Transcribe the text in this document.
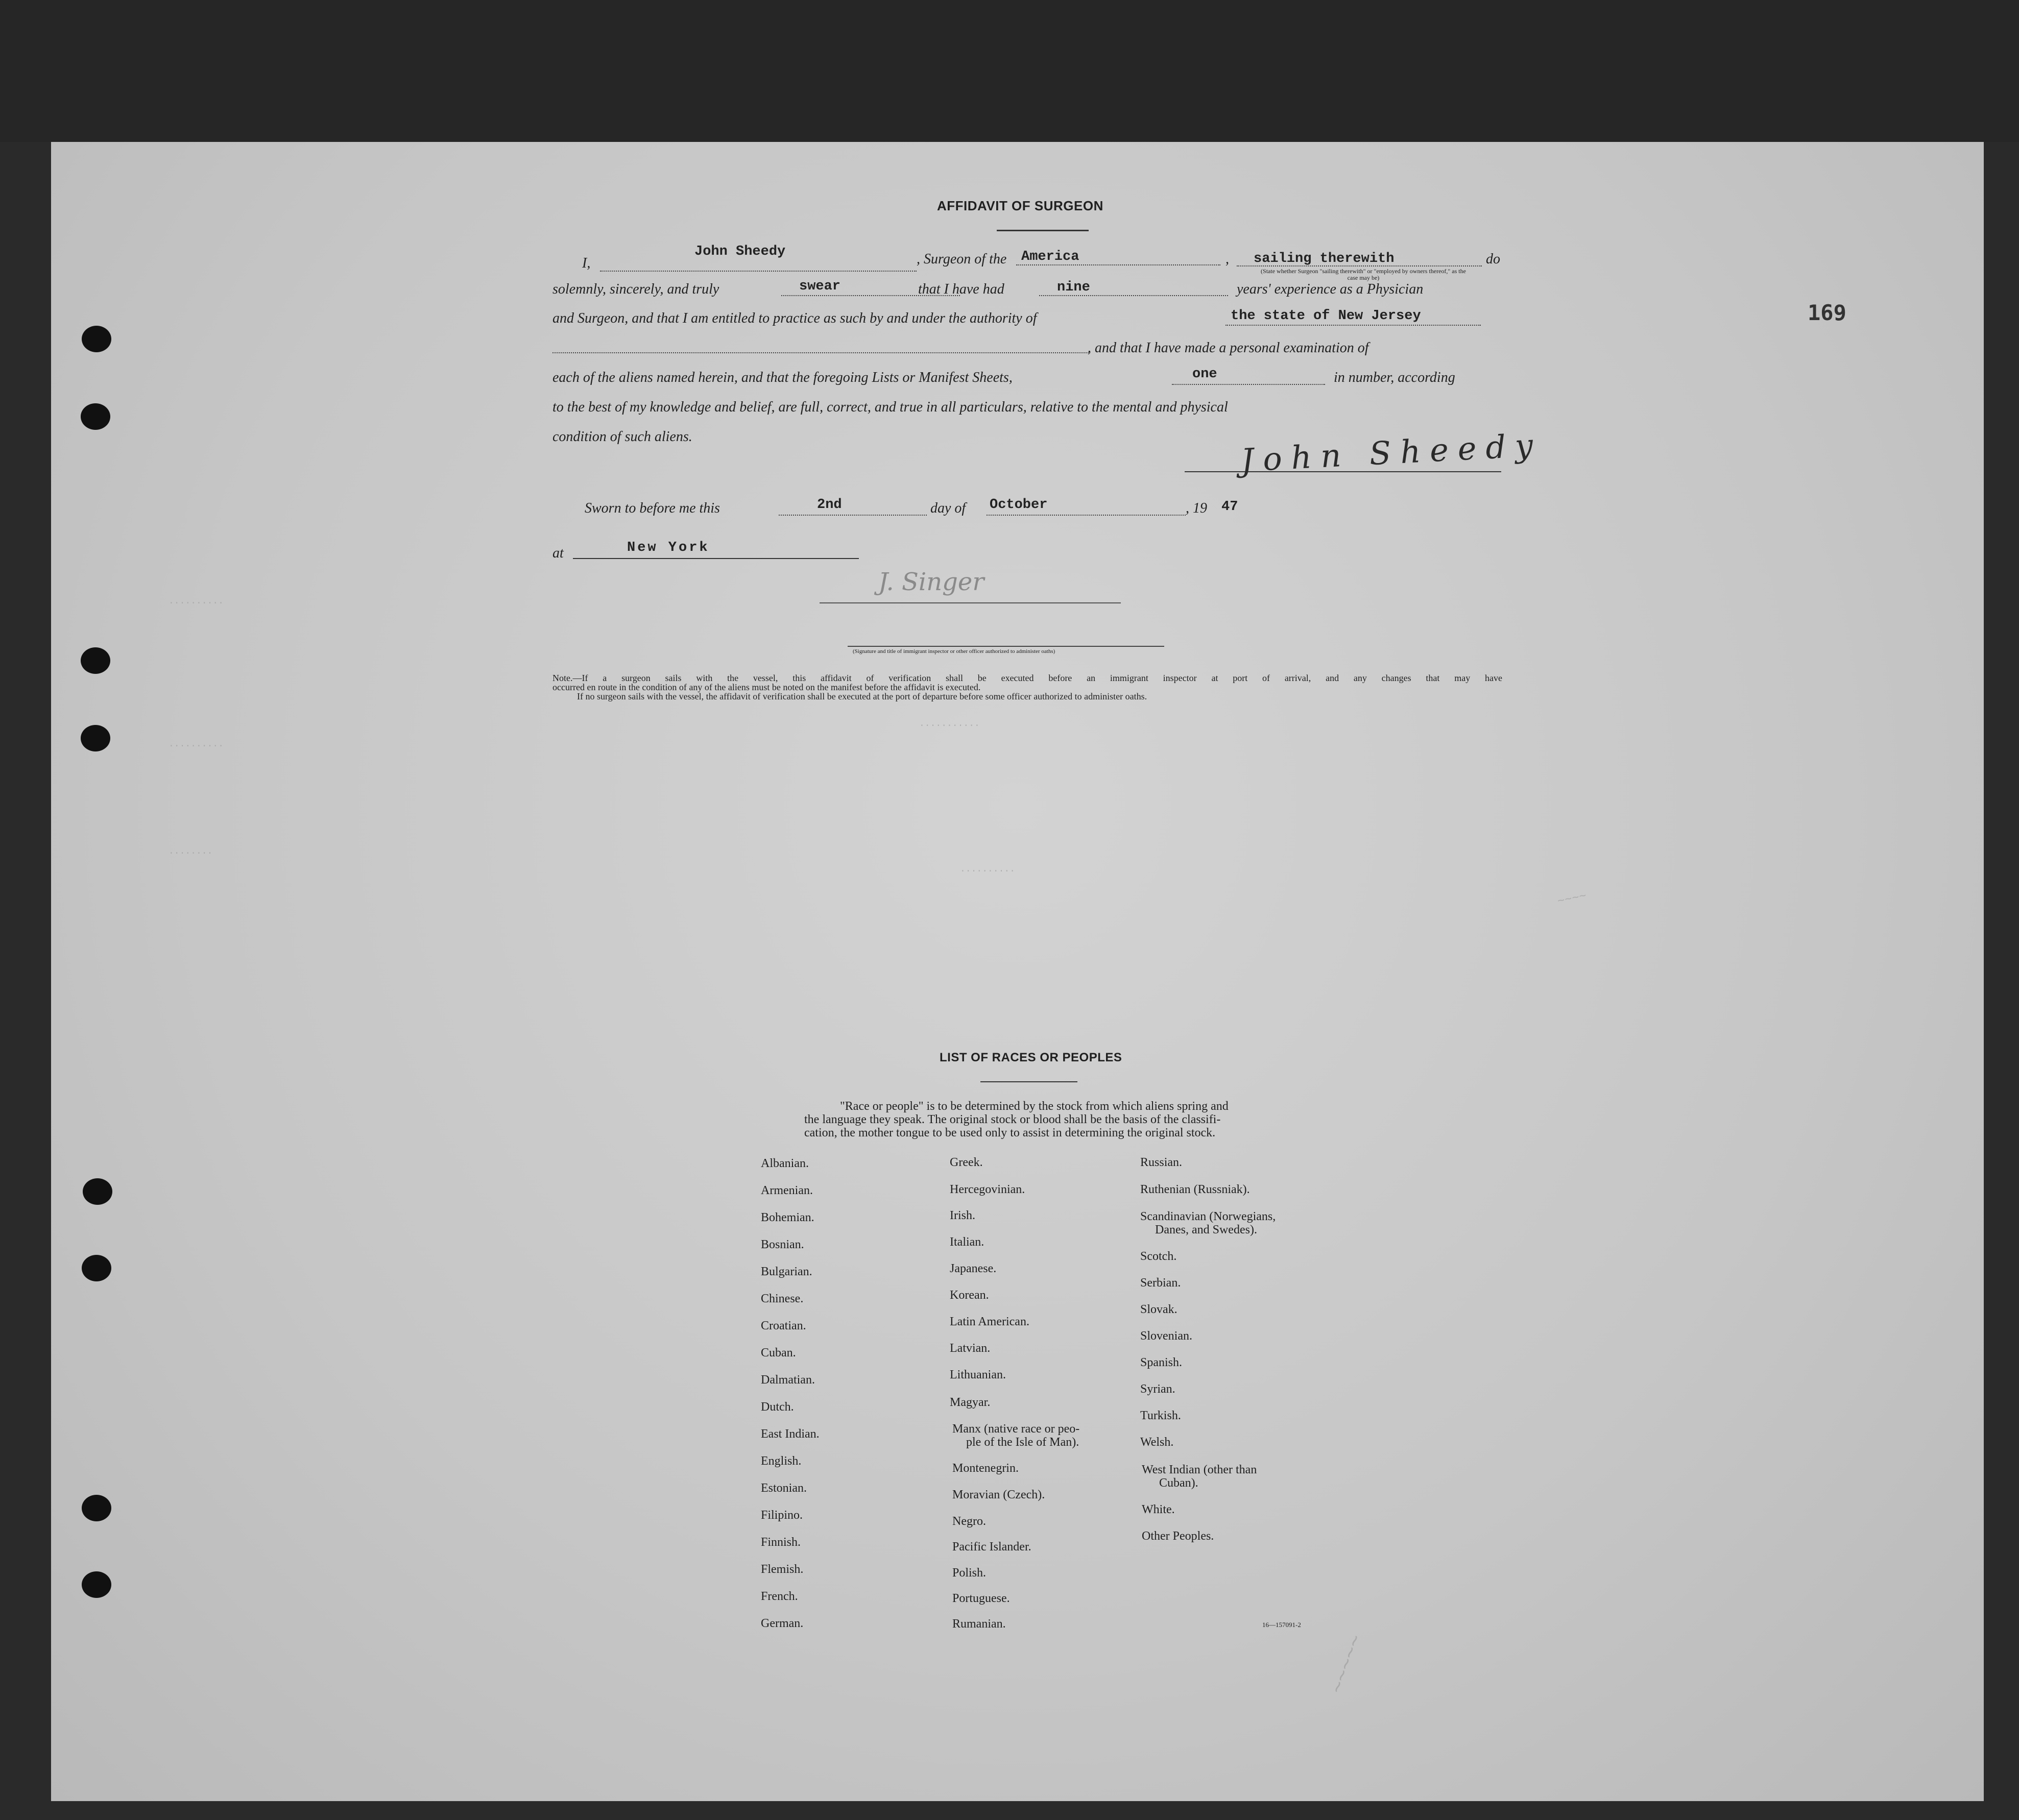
169
AFFIDAVIT OF SURGEON
I,
John Sheedy	, Surgeon of the America	, sailing therewith	do
(State whether Surgeon "sailing therewith" or "employed by owners thereof," as the case may be)
solemnly, sincerely, and truly	swear	that I have had	nine	years' experience as a Physician
and Surgeon, and that I am entitled to practice as such by and under the authority of	the state of New Jersey
, and that I have made a personal examination of
each of the aliens named herein, and that the foregoing Lists or Manifest Sheets,	one	in number, according
to the best of my knowledge and belief, are full, correct, and true in all particulars, relative to the mental and physical
condition of such aliens.	John Sheedy
Sworn to before me this	2nd	day of October	, 19 47
at	New York
J. Singer
(Signature and title of immigrant inspector or other officer authorized to administer oaths)
Note.—If a surgeon sails with the vessel, this affidavit of verification shall be executed before an immigrant inspector at port of arrival, and any changes that may have
occurred en route in the condition of any of the aliens must be noted on the manifest before the affidavit is executed.
If no surgeon sails with the vessel, the affidavit of verification shall be executed at the port of departure before some officer authorized to administer oaths.
..........
..........
........
...........
..........
~~~~
~~~~~
LIST OF RACES OR PEOPLES
"Race or people" is to be determined by the stock from which aliens spring and
the language they speak. The original stock or blood shall be the basis of the classifi-
cation, the mother tongue to be used only to assist in determining the original stock.
Albanian.
Armenian.
Bohemian.
Bosnian.
Bulgarian.
Chinese.
Croatian.
Cuban.
Dalmatian.
Dutch.
East Indian.
English.
Estonian.
Filipino.
Finnish.
Flemish.
French.
German.
Greek.
Hercegovinian.
Irish.
Italian.
Japanese.
Korean.
Latin American.
Latvian.
Lithuanian.
Magyar.
Manx (native race or peo-
ple of the Isle of Man).
Montenegrin.
Moravian (Czech).
Negro.
Pacific Islander.
Polish.
Portuguese.
Rumanian.
Russian.
Ruthenian (Russniak).
Scandinavian (Norwegians,
Danes, and Swedes).
Scotch.
Serbian.
Slovak.
Slovenian.
Spanish.
Syrian.
Turkish.
Welsh.
West Indian (other than
Cuban).
White.
Other Peoples.
16—157091-2
